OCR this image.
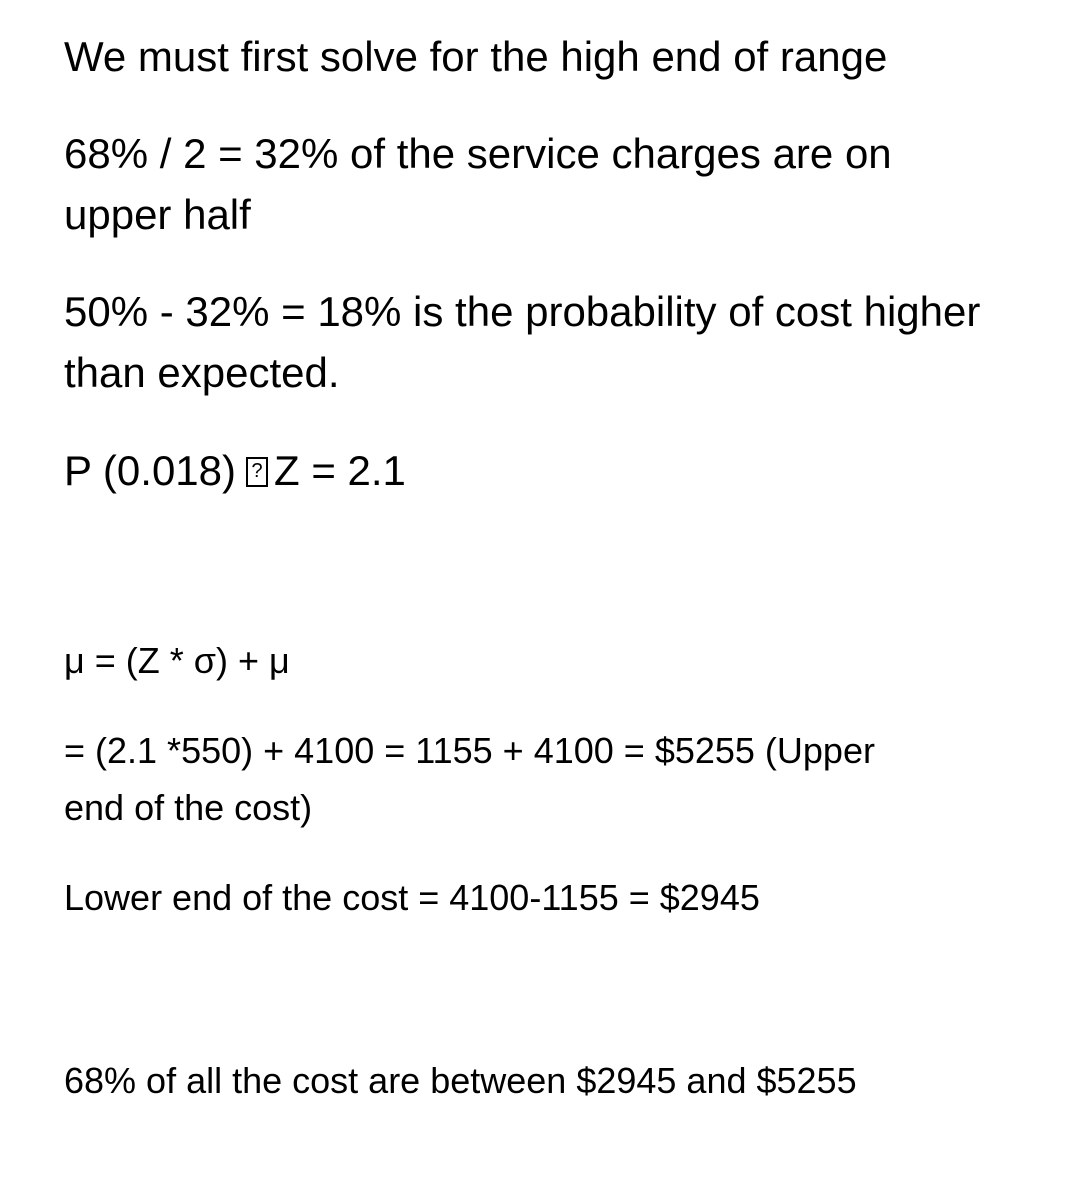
We must first solve for the high end of range

68% / 2 = 32% of the service charges are on

upper half

50% - 32% = 18% is the probability of cost higher

than expected.

P (0.018)? Z = 2.1

μ = (Z * σ) + μ

= (2.1 *550) + 4100 = 1155 + 4100 = $5255 (Upper

end of the cost)

Lower end of the cost = 4100-1155 = $2945

68% of all the cost are between $2945 and $5255
